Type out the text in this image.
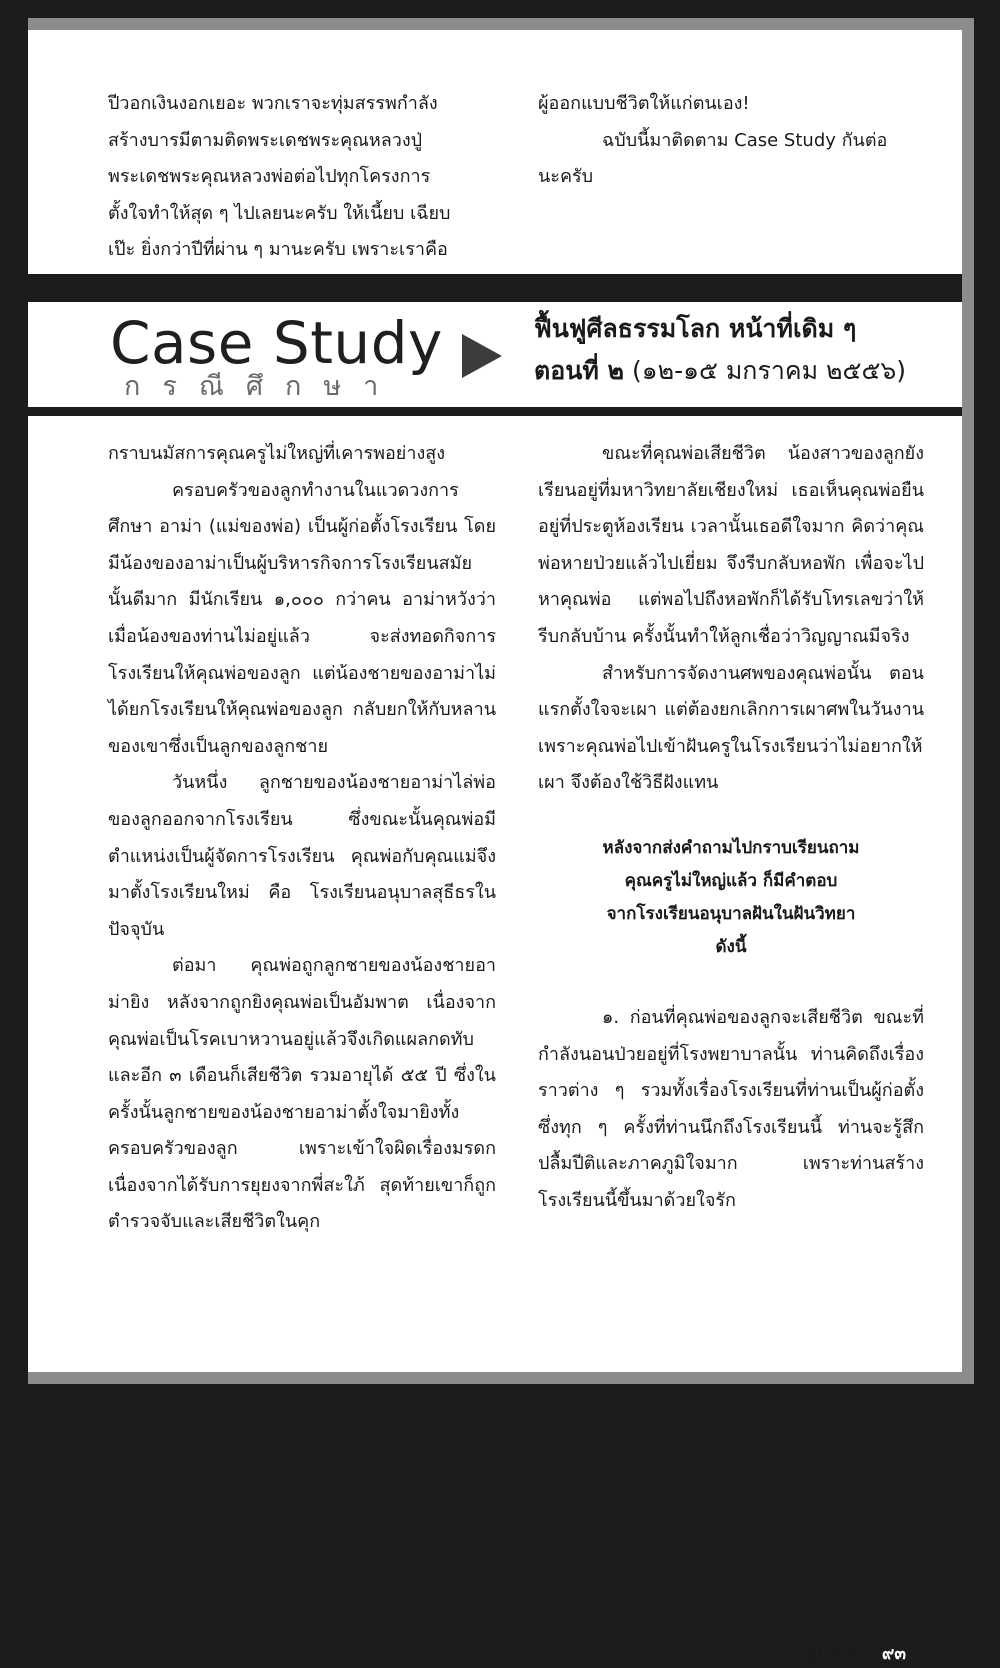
ปีวอกเงินงอกเยอะ พวกเราจะทุ่มสรรพกำลัง
สร้างบารมีตามติดพระเดชพระคุณหลวงปู่
พระเดชพระคุณหลวงพ่อต่อไปทุกโครงการ
ตั้งใจทำให้สุด ๆ ไปเลยนะครับ ให้เนี้ยบ เฉียบ
เป๊ะ ยิ่งกว่าปีที่ผ่าน ๆ มานะครับ เพราะเราคือ
ผู้ออกแบบชีวิตให้แก่ตนเอง!
ฉบับนี้มาติดตาม Case Study กันต่อ
นะครับ
Case Study
กรณีศึกษา
ฟื้นฟูศีลธรรมโลก หน้าที่เดิม ๆ
ตอนที่ ๒ (๑๒-๑๕ มกราคม ๒๕๕๖)

กราบนมัสการคุณครูไม่ใหญ่ที่เคารพอย่างสูง

ครอบครัวของลูกทำงานในแวดวงการศึกษา อาม่า (แม่ของพ่อ) เป็นผู้ก่อตั้งโรงเรียน โดยมีน้องของอาม่าเป็นผู้บริหารกิจการโรงเรียนสมัยนั้นดีมาก มีนักเรียน ๑,๐๐๐ กว่าคน อาม่าหวังว่าเมื่อน้องของท่านไม่อยู่แล้ว จะส่งทอดกิจการโรงเรียนให้คุณพ่อของลูก แต่น้องชายของอาม่าไม่ได้ยกโรงเรียนให้คุณพ่อของลูก กลับยกให้กับหลานของเขาซึ่งเป็นลูกของลูกชาย

วันหนึ่ง ลูกชายของน้องชายอาม่าไล่พ่อของลูกออกจากโรงเรียน ซึ่งขณะนั้นคุณพ่อมีตำแหน่งเป็นผู้จัดการโรงเรียน คุณพ่อกับคุณแม่จึงมาตั้งโรงเรียนใหม่ คือ โรงเรียนอนุบาลสุธีธรในปัจจุบัน

ต่อมา คุณพ่อถูกลูกชายของน้องชายอาม่ายิง หลังจากถูกยิงคุณพ่อเป็นอัมพาต เนื่องจากคุณพ่อเป็นโรคเบาหวานอยู่แล้วจึงเกิดแผลกดทับ และอีก ๓ เดือนก็เสียชีวิต รวมอายุได้ ๕๕ ปี ซึ่งในครั้งนั้นลูกชายของน้องชายอาม่าตั้งใจมายิงทั้งครอบครัวของลูก เพราะเข้าใจผิดเรื่องมรดก เนื่องจากได้รับการยุยงจากพี่สะใภ้ สุดท้ายเขาก็ถูกตำรวจจับและเสียชีวิตในคุก

ขณะที่คุณพ่อเสียชีวิต น้องสาวของลูกยังเรียนอยู่ที่มหาวิทยาลัยเชียงใหม่ เธอเห็นคุณพ่อยืนอยู่ที่ประตูห้องเรียน เวลานั้นเธอดีใจมาก คิดว่าคุณพ่อหายป่วยแล้วไปเยี่ยม จึงรีบกลับหอพัก เพื่อจะไปหาคุณพ่อ แต่พอไปถึงหอพักก็ได้รับโทรเลขว่าให้รีบกลับบ้าน ครั้งนั้นทำให้ลูกเชื่อว่าวิญญาณมีจริง

สำหรับการจัดงานศพของคุณพ่อนั้น ตอนแรกตั้งใจจะเผา แต่ต้องยกเลิกการเผาศพในวันงาน เพราะคุณพ่อไปเข้าฝันครูในโรงเรียนว่าไม่อยากให้เผา จึงต้องใช้วิธีฝังแทน

หลังจากส่งคำถามไปกราบเรียนถาม
คุณครูไม่ใหญ่แล้ว ก็มีคำตอบ
จากโรงเรียนอนุบาลฝันในฝันวิทยา
ดังนี้

๑. ก่อนที่คุณพ่อของลูกจะเสียชีวิต ขณะที่กำลังนอนป่วยอยู่ที่โรงพยาบาลนั้น ท่านคิดถึงเรื่องราวต่าง ๆ รวมทั้งเรื่องโรงเรียนที่ท่านเป็นผู้ก่อตั้ง ซึ่งทุก ๆ ครั้งที่ท่านนึกถึงโรงเรียนนี้ ท่านจะรู้สึกปลื้มปีติและภาคภูมิใจมาก เพราะท่านสร้างโรงเรียนนี้ขึ้นมาด้วยใจรัก

มกราคม ๒๕๕๙ อยู่ในบุญ ๙๓
